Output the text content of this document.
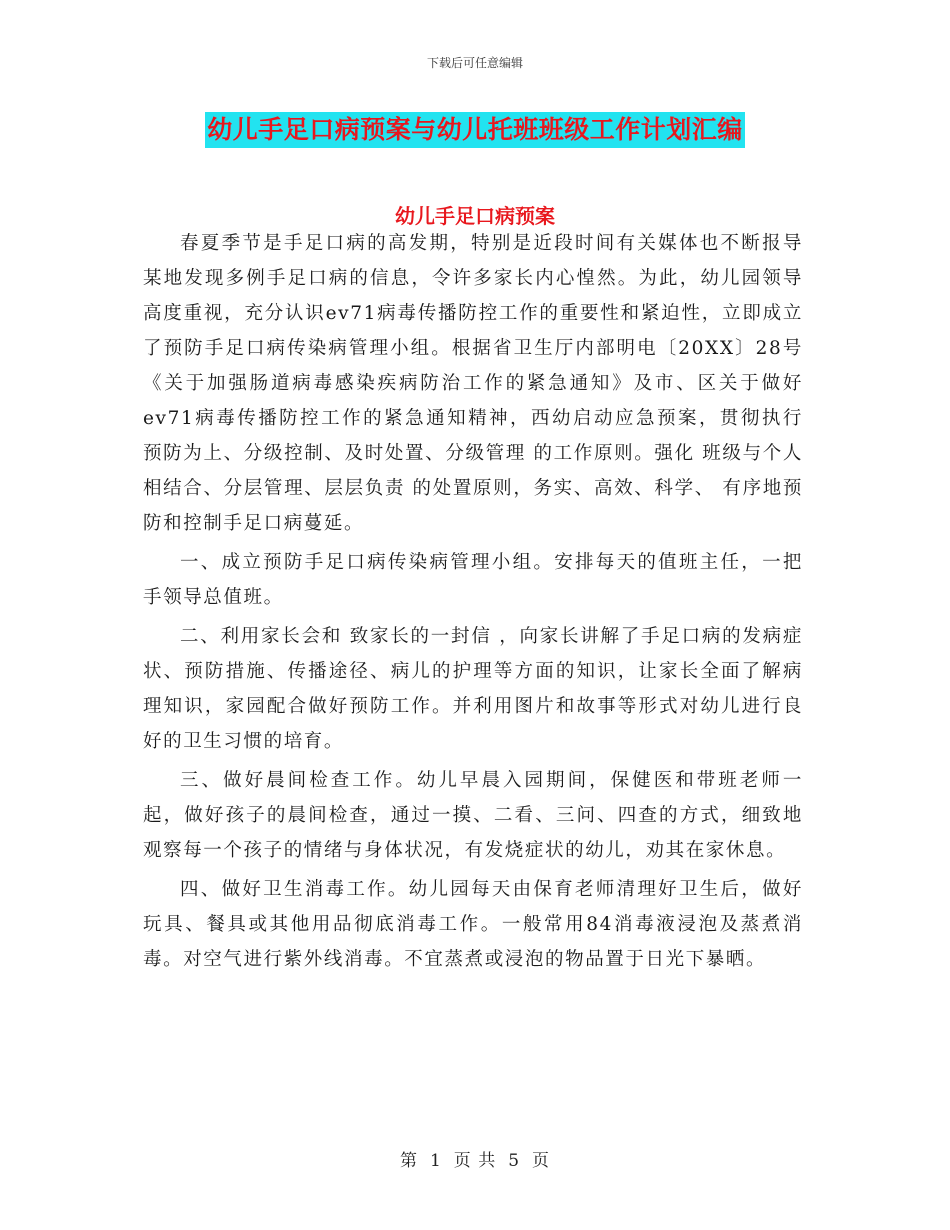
下载后可任意编辑
幼儿手足口病预案与幼儿托班班级工作计划汇编
幼儿手足口病预案

春夏季节是手足口病的高发期，特别是近段时间有关媒体也不断报导某地发现多例手足口病的信息，令许多家长内心惶然。为此，幼儿园领导高度重视，充分认识ev71病毒传播防控工作的重要性和紧迫性，立即成立了预防手足口病传染病管理小组。根据省卫生厅内部明电〔20XX〕28号《关于加强肠道病毒感染疾病防治工作的紧急通知》及市、区关于做好ev71病毒传播防控工作的紧急通知精神，西幼启动应急预案，贯彻执行 预防为上、分级控制、及时处置、分级管理 的工作原则。强化 班级与个人相结合、分层管理、层层负责 的处置原则，务实、高效、科学、 有序地预防和控制手足口病蔓延。

一、成立预防手足口病传染病管理小组。安排每天的值班主任，一把手领导总值班。

二、利用家长会和 致家长的一封信 ，向家长讲解了手足口病的发病症状、预防措施、传播途径、病儿的护理等方面的知识，让家长全面了解病理知识，家园配合做好预防工作。并利用图片和故事等形式对幼儿进行良好的卫生习惯的培育。

三、做好晨间检查工作。幼儿早晨入园期间，保健医和带班老师一起，做好孩子的晨间检查，通过一摸、二看、三问、四查的方式，细致地观察每一个孩子的情绪与身体状况，有发烧症状的幼儿，劝其在家休息。

四、做好卫生消毒工作。幼儿园每天由保育老师清理好卫生后，做好玩具、餐具或其他用品彻底消毒工作。一般常用84消毒液浸泡及蒸煮消毒。对空气进行紫外线消毒。不宜蒸煮或浸泡的物品置于日光下暴晒。

第 1 页 共 5 页
